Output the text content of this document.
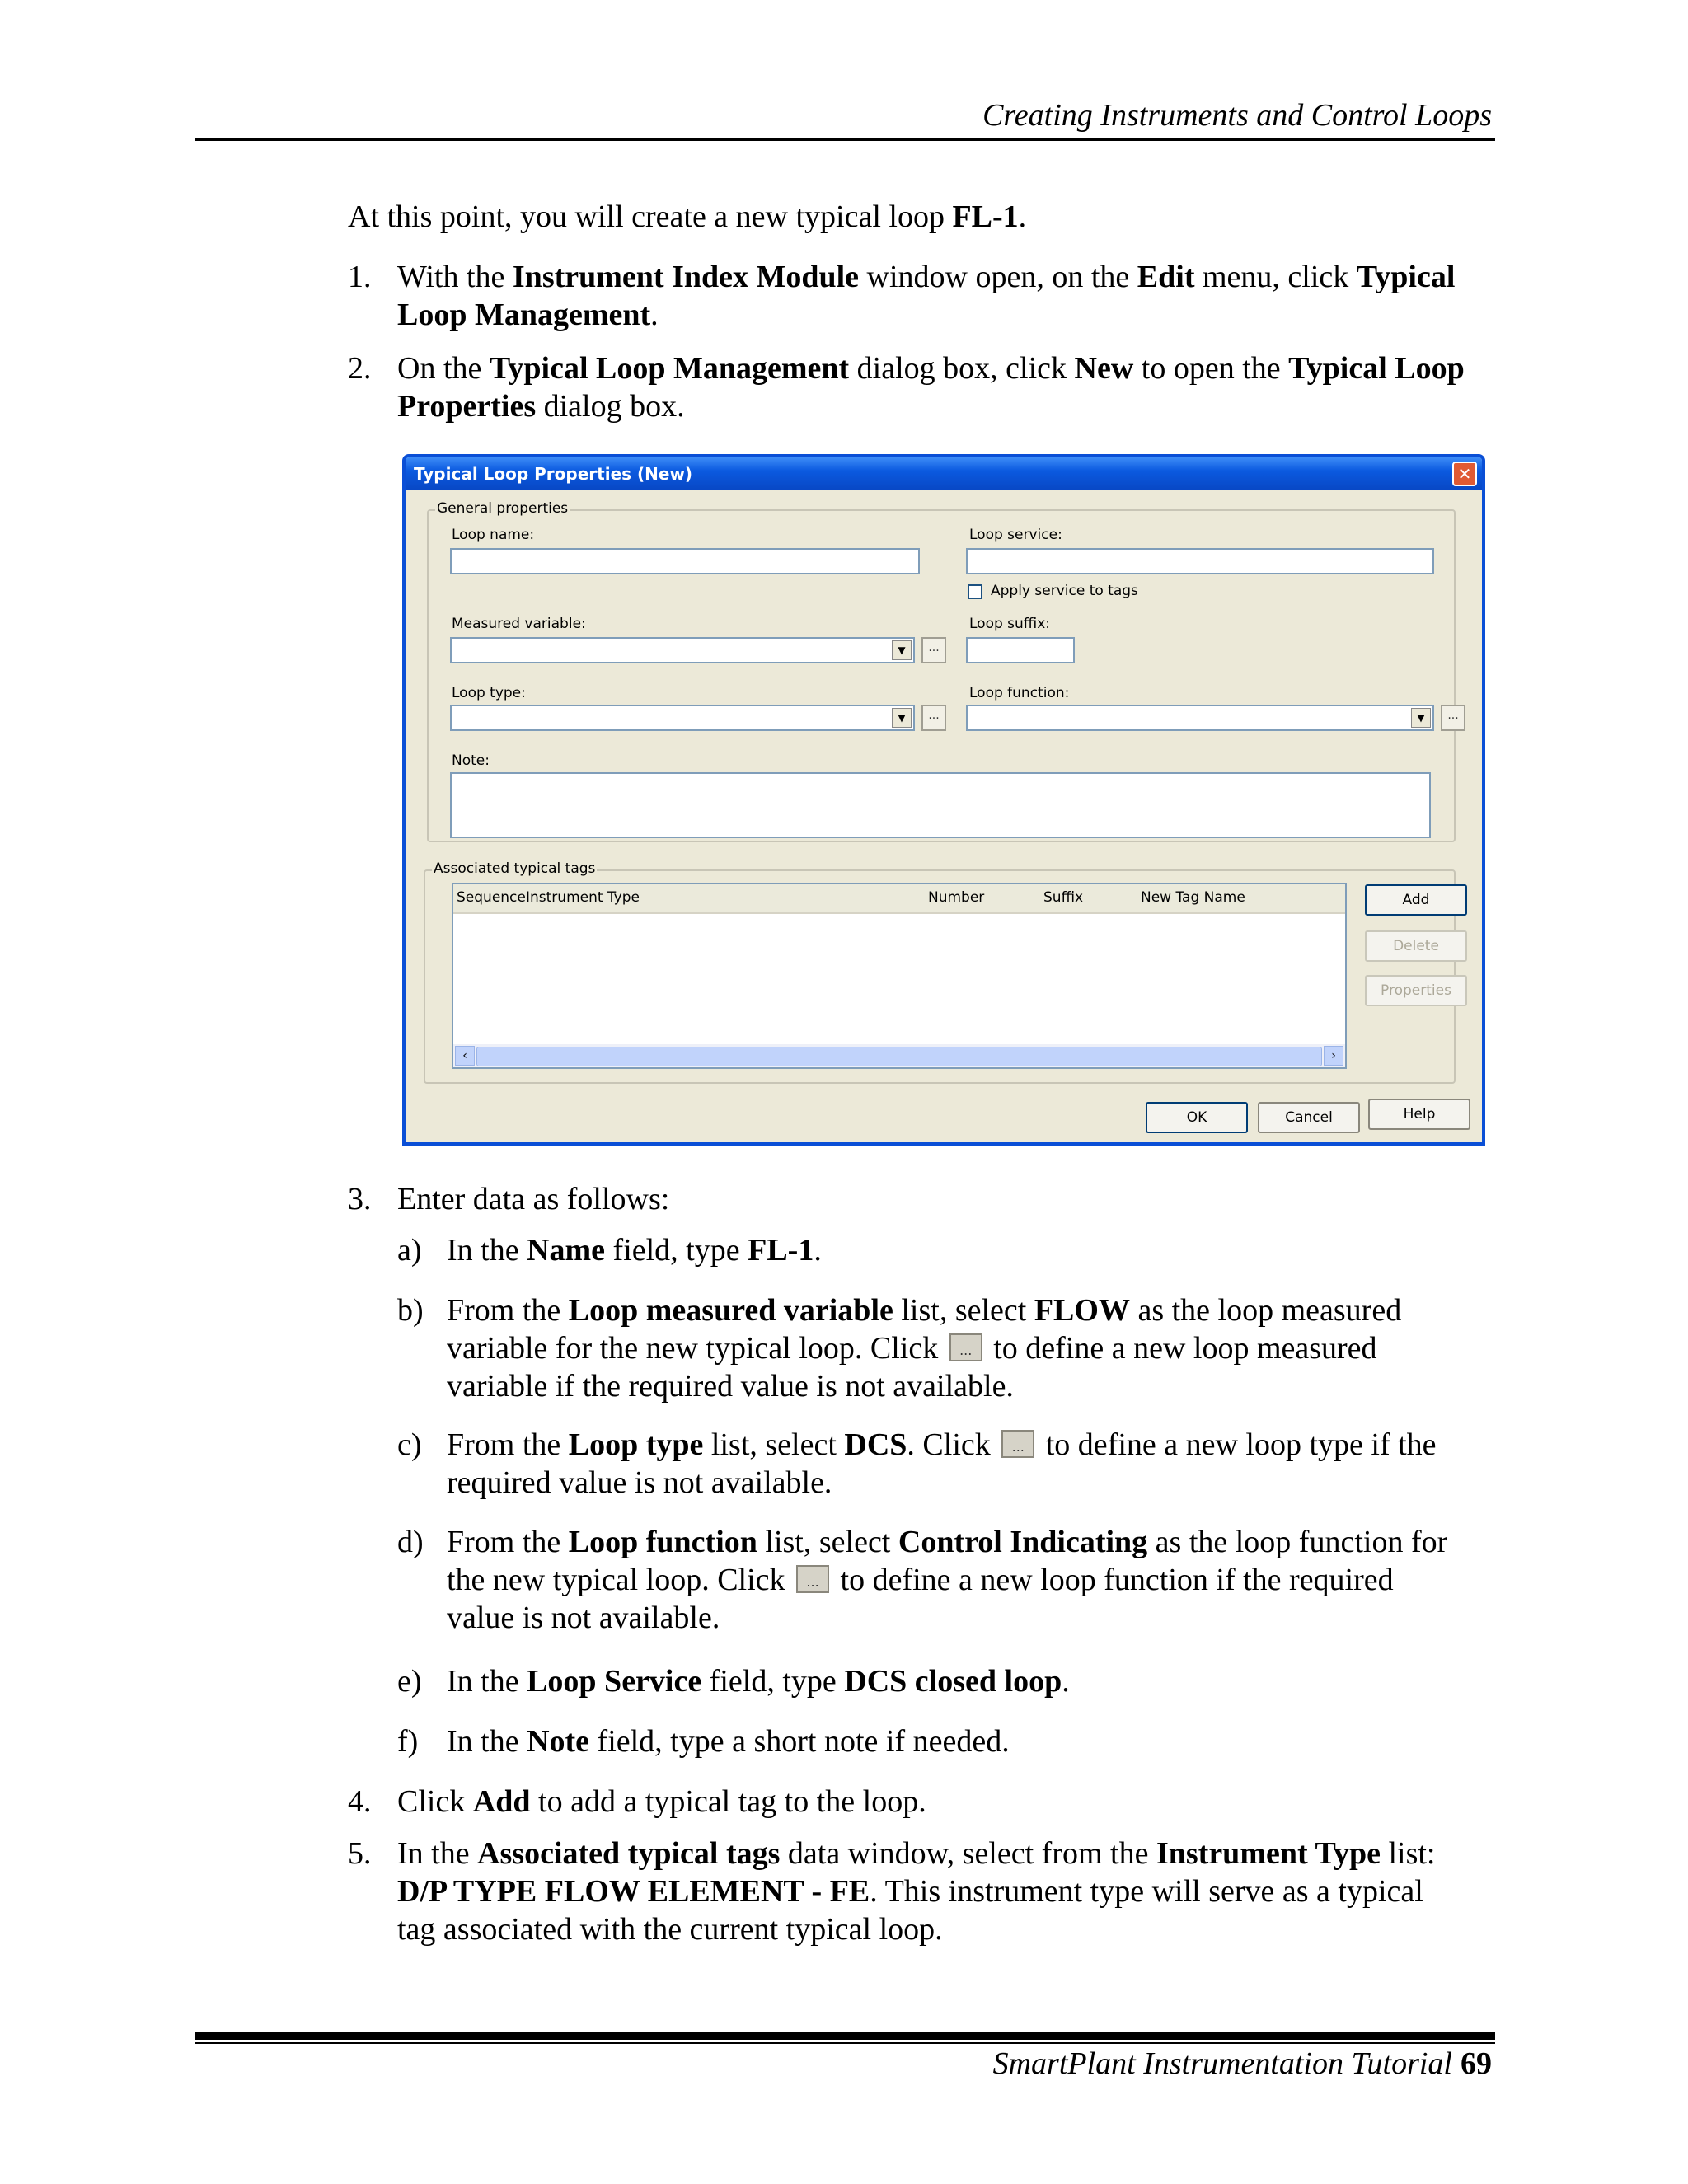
Creating Instruments and Control Loops
At this point, you will create a new typical loop FL-1.
1. With the Instrument Index Module window open, on the Edit menu, click Typical Loop Management.
2. On the Typical Loop Management dialog box, click New to open the Typical Loop Properties dialog box.
Typical Loop Properties (New)	✕
General properties
Loop name:	Loop service:
Apply service to tags
Measured variable:
▼	...
Loop suffix:
Loop type:
▼	...
Loop function:
▼	...
Note:
Associated typical tags
Sequence Instrument Type	Number	Suffix	New Tag Name
‹	›
Add
Delete
Properties
OK	Cancel	Help
3. Enter data as follows:
a) In the Name field, type FL-1.
b) From the Loop measured variable list, select FLOW as the loop measured variable for the new typical loop. Click ... to define a new loop measured variable if the required value is not available.
c) From the Loop type list, select DCS. Click ... to define a new loop type if the required value is not available.
d) From the Loop function list, select Control Indicating as the loop function for the new typical loop. Click ... to define a new loop function if the required value is not available.
e) In the Loop Service field, type DCS closed loop.
f) In the Note field, type a short note if needed.
4. Click Add to add a typical tag to the loop.
5. In the Associated typical tags data window, select from the Instrument Type list: D/P TYPE FLOW ELEMENT - FE. This instrument type will serve as a typical tag associated with the current typical loop.
SmartPlant Instrumentation Tutorial 69
